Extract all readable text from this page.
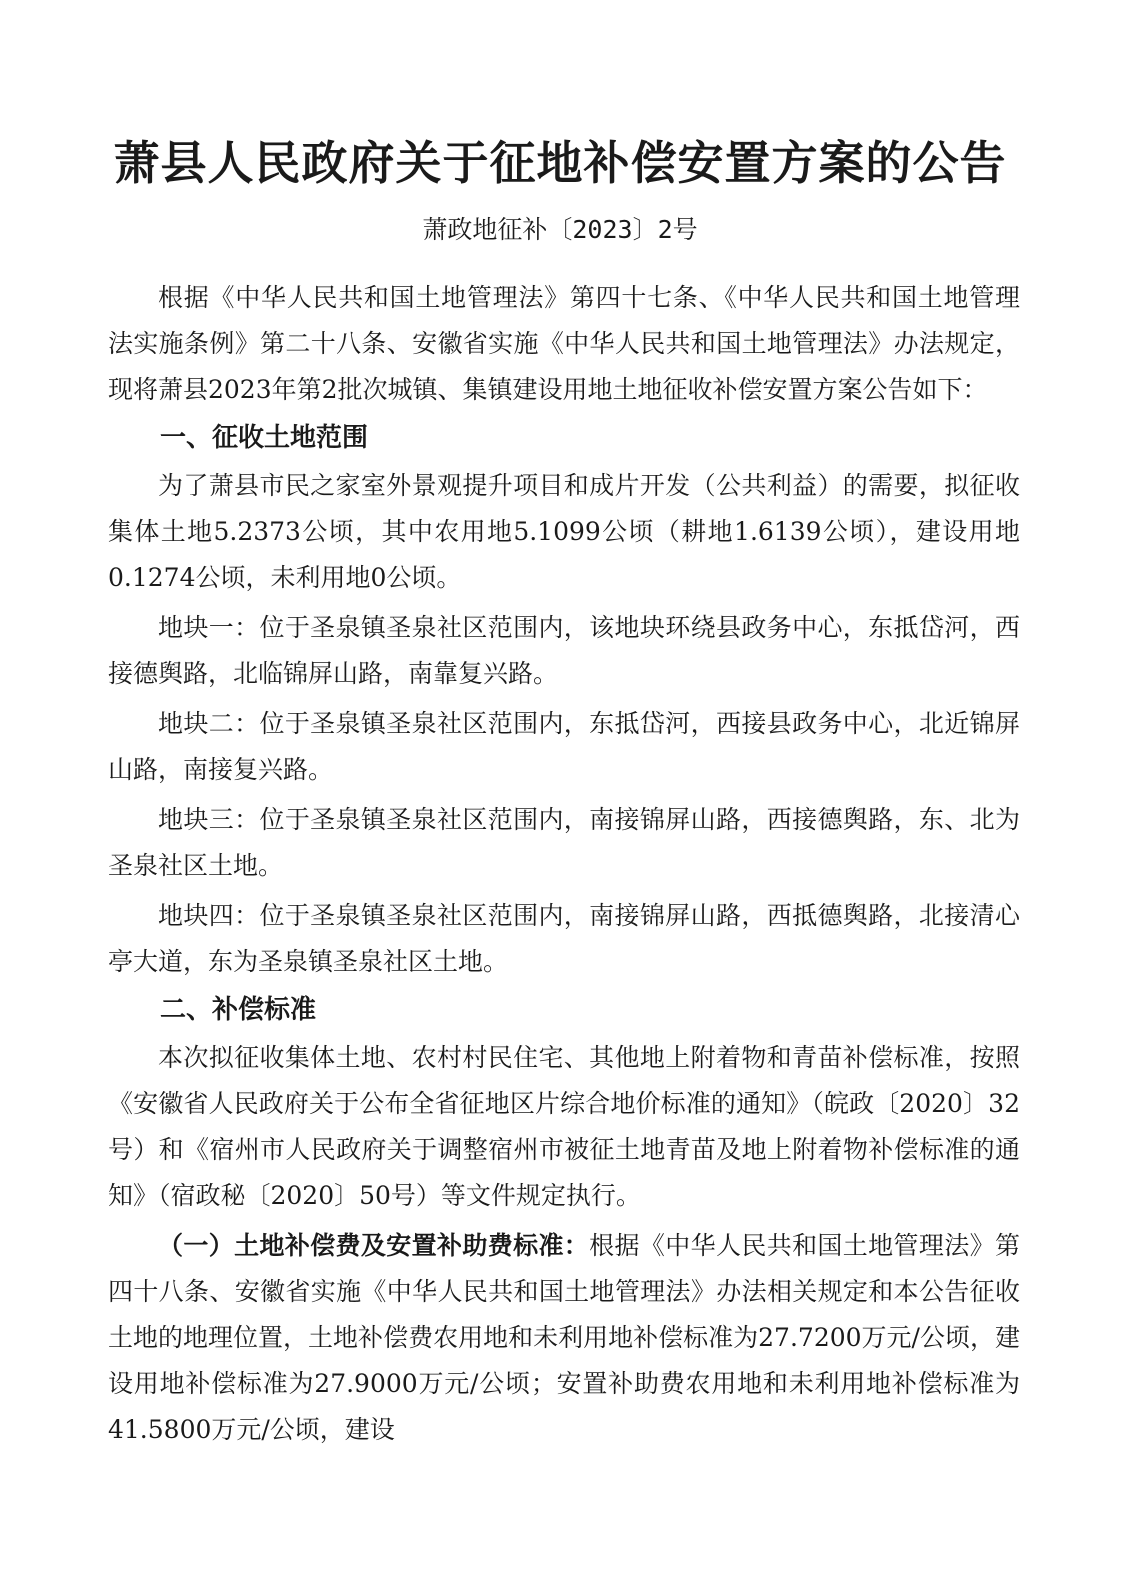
萧县人民政府关于征地补偿安置方案的公告
萧政地征补〔2023〕2号

根据《中华人民共和国土地管理法》第四十七条、《中华人民共和国土地管理法实施条例》第二十八条、安徽省实施《中华人民共和国土地管理法》办法规定，现将萧县2023年第2批次城镇、集镇建设用地土地征收补偿安置方案公告如下：

一、征收土地范围

为了萧县市民之家室外景观提升项目和成片开发（公共利益）的需要，拟征收集体土地5.2373公顷，其中农用地5.1099公顷（耕地1.6139公顷），建设用地0.1274公顷，未利用地0公顷。

地块一：位于圣泉镇圣泉社区范围内，该地块环绕县政务中心，东抵岱河，西接德舆路，北临锦屏山路，南靠复兴路。

地块二：位于圣泉镇圣泉社区范围内，东抵岱河，西接县政务中心，北近锦屏山路，南接复兴路。

地块三：位于圣泉镇圣泉社区范围内，南接锦屏山路，西接德舆路，东、北为圣泉社区土地。

地块四：位于圣泉镇圣泉社区范围内，南接锦屏山路，西抵德舆路，北接清心亭大道，东为圣泉镇圣泉社区土地。

二、补偿标准

本次拟征收集体土地、农村村民住宅、其他地上附着物和青苗补偿标准，按照《安徽省人民政府关于公布全省征地区片综合地价标准的通知》（皖政〔2020〕32号）和《宿州市人民政府关于调整宿州市被征土地青苗及地上附着物补偿标准的通知》（宿政秘〔2020〕50号）等文件规定执行。

（一）土地补偿费及安置补助费标准：根据《中华人民共和国土地管理法》第四十八条、安徽省实施《中华人民共和国土地管理法》办法相关规定和本公告征收土地的地理位置，土地补偿费农用地和未利用地补偿标准为27.7200万元/公顷，建设用地补偿标准为27.9000万元/公顷；安置补助费农用地和未利用地补偿标准为41.5800万元/公顷，建设
